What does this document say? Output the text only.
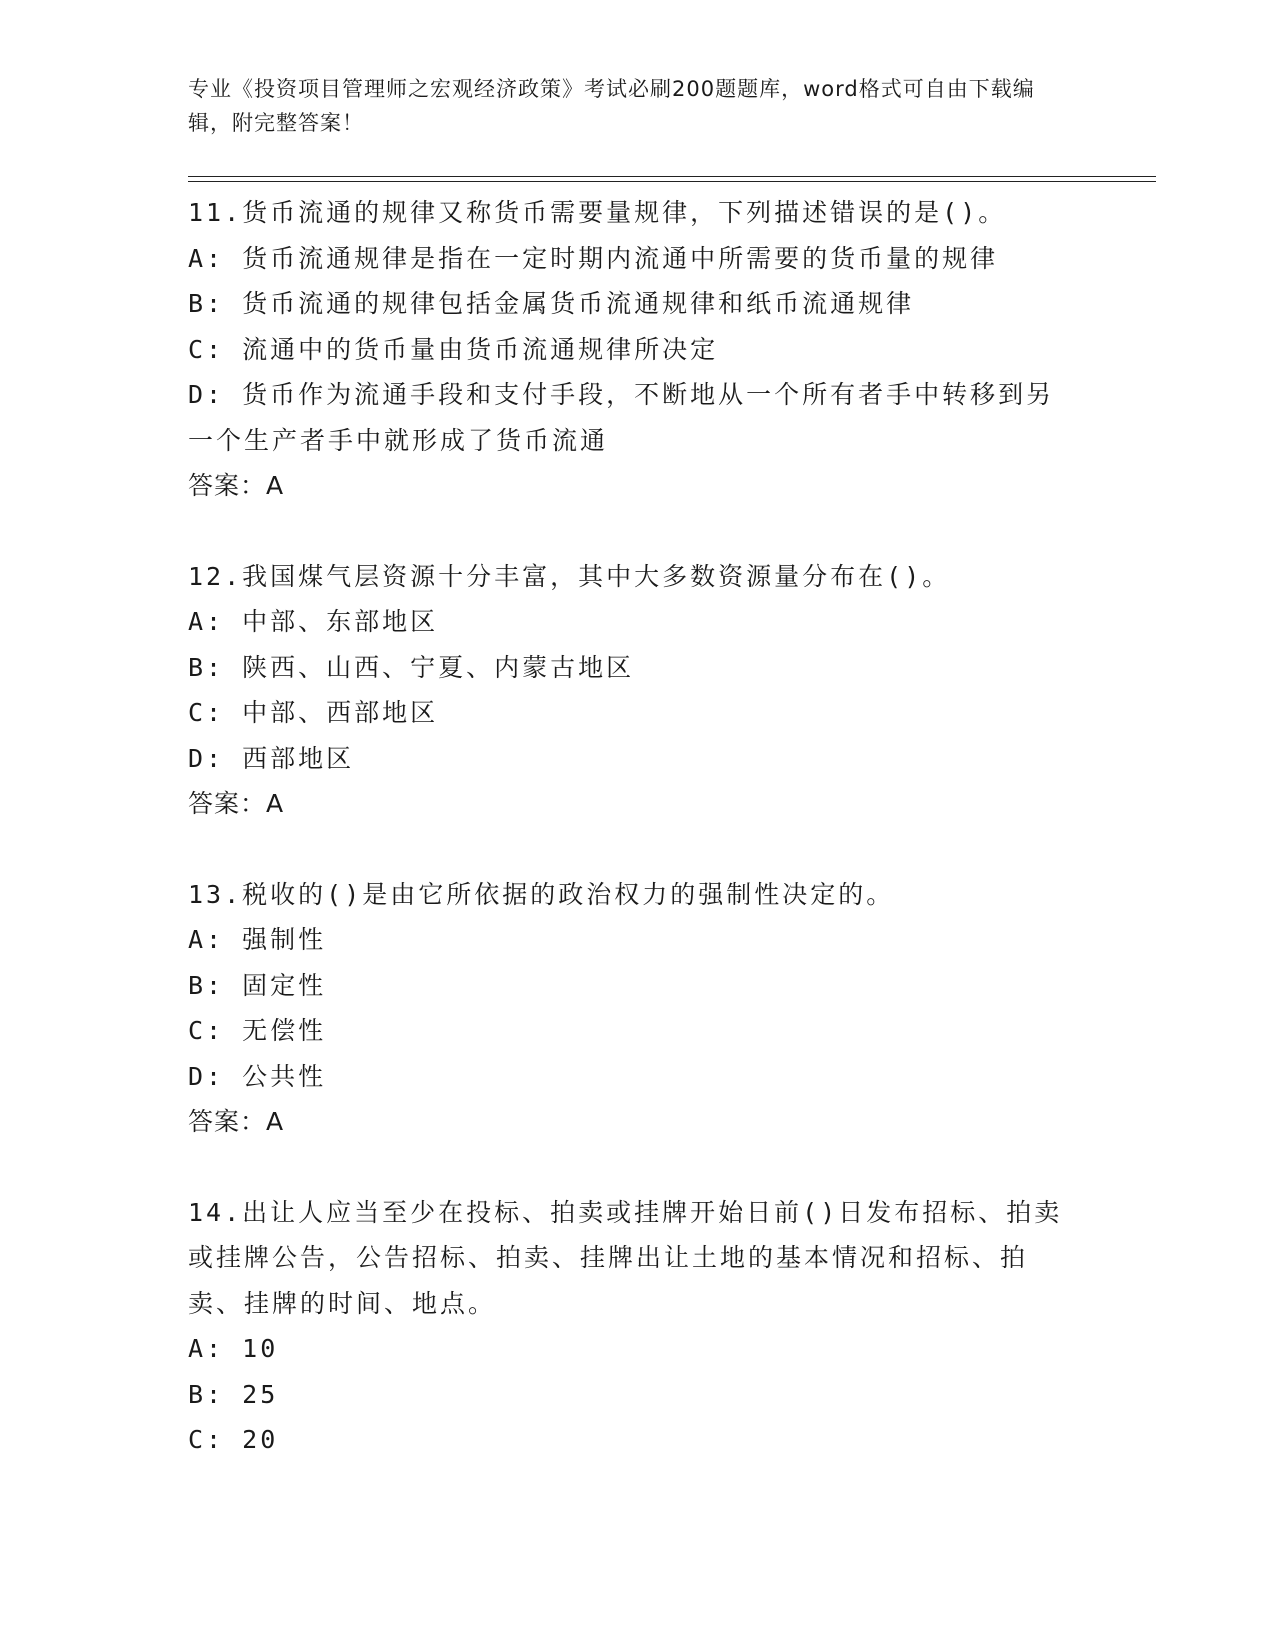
专业《投资项目管理师之宏观经济政策》考试必刷200题题库，word格式可自由下载编辑，附完整答案！
11.货币流通的规律又称货币需要量规律，下列描述错误的是()。
A: 货币流通规律是指在一定时期内流通中所需要的货币量的规律
B: 货币流通的规律包括金属货币流通规律和纸币流通规律
C: 流通中的货币量由货币流通规律所决定
D: 货币作为流通手段和支付手段，不断地从一个所有者手中转移到另一个生产者手中就形成了货币流通
答案：A
12.我国煤气层资源十分丰富，其中大多数资源量分布在()。
A: 中部、东部地区
B: 陕西、山西、宁夏、内蒙古地区
C: 中部、西部地区
D: 西部地区
答案：A
13.税收的()是由它所依据的政治权力的强制性决定的。
A: 强制性
B: 固定性
C: 无偿性
D: 公共性
答案：A
14.出让人应当至少在投标、拍卖或挂牌开始日前()日发布招标、拍卖或挂牌公告，公告招标、拍卖、挂牌出让土地的基本情况和招标、拍卖、挂牌的时间、地点。
A: 10
B: 25
C: 20
